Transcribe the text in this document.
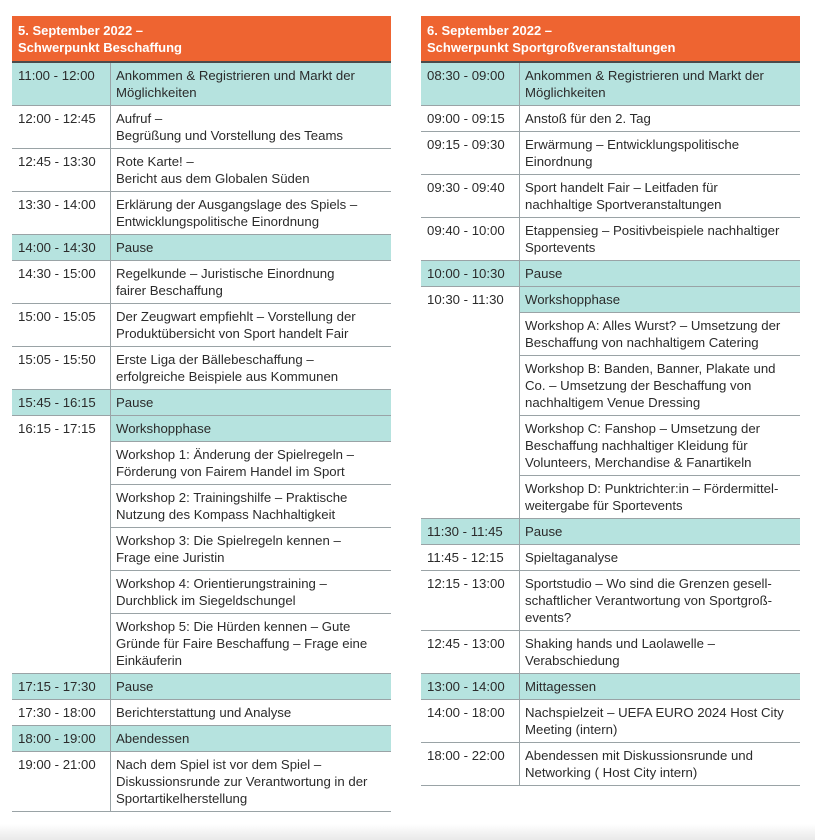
5. September 2022 –
Schwerpunkt Beschaffung
11:00 - 12:00	Ankommen & Registrieren und Markt der
Möglichkeiten

12:00 - 12:45	Aufruf –
Begrüßung und Vorstellung des Teams

12:45 - 13:30	Rote Karte! –
Bericht aus dem Globalen Süden

13:30 - 14:00	Erklärung der Ausgangslage des Spiels –
Entwicklungspolitische Einordnung

14:00 - 14:30	Pause

14:30 - 15:00	Regelkunde – Juristische Einordnung
fairer Beschaffung

15:00 - 15:05	Der Zeugwart empfiehlt – Vorstellung der
Produktübersicht von Sport handelt Fair

15:05 - 15:50	Erste Liga der Bällebeschaffung –
erfolgreiche Beispiele aus Kommunen

15:45 - 16:15	Pause

16:15 - 17:15	Workshopphase

	Workshop 1: Änderung der Spielregeln –
Förderung von Fairem Handel im Sport

	Workshop 2: Trainingshilfe – Praktische
Nutzung des Kompass Nachhaltigkeit

	Workshop 3: Die Spielregeln kennen –
Frage eine Juristin

	Workshop 4: Orientierungstraining –
Durchblick im Siegeldschungel

	Workshop 5: Die Hürden kennen – Gute
Gründe für Faire Beschaffung – Frage eine
Einkäuferin

17:15 - 17:30	Pause

17:30 - 18:00	Berichterstattung und Analyse

18:00 - 19:00	Abendessen

19:00 - 21:00	Nach dem Spiel ist vor dem Spiel –
Diskussionsrunde zur Verantwortung in der
Sportartikelherstellung
6. September 2022 –
Schwerpunkt Sportgroßveranstaltungen
08:30 - 09:00	Ankommen & Registrieren und Markt der
Möglichkeiten

09:00 - 09:15	Anstoß für den 2. Tag

09:15 - 09:30	Erwärmung – Entwicklungspolitische
Einordnung

09:30 - 09:40	Sport handelt Fair – Leitfaden für
nachhaltige Sportveranstaltungen

09:40 - 10:00	Etappensieg – Positivbeispiele nachhaltiger
Sportevents

10:00 - 10:30	Pause

10:30 - 11:30	Workshopphase

	Workshop A: Alles Wurst? – Umsetzung der
Beschaffung von nachhaltigem Catering

	Workshop B: Banden, Banner, Plakate und
Co. – Umsetzung der Beschaffung von
nachhaltigem Venue Dressing

	Workshop C: Fanshop – Umsetzung der
Beschaffung nachhaltiger Kleidung für
Volunteers, Merchandise & Fanartikeln

	Workshop D: Punktrichter:in – Fördermittel-
weitergabe für Sportevents

11:30 - 11:45	Pause

11:45 - 12:15	Spieltaganalyse

12:15 - 13:00	Sportstudio – Wo sind die Grenzen gesell-
schaftlicher Verantwortung von Sportgroß-
events?

12:45 - 13:00	Shaking hands und Laolawelle –
Verabschiedung

13:00 - 14:00	Mittagessen

14:00 - 18:00	Nachspielzeit – UEFA EURO 2024 Host City
Meeting (intern)

18:00 - 22:00	Abendessen mit Diskussionsrunde und
Networking ( Host City intern)
